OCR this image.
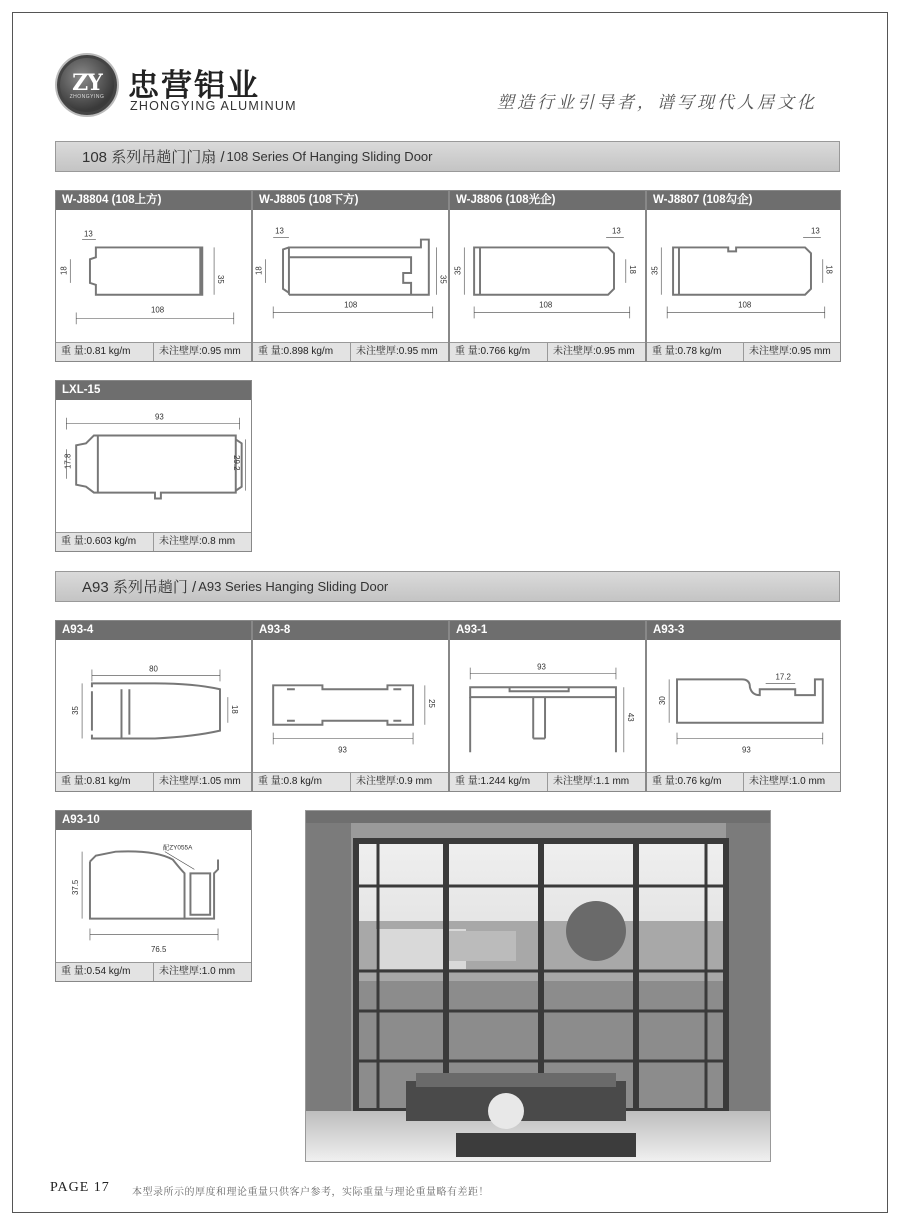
ZY
ZHONGYING 忠营铝业
ZHONGYING ALUMINUM	塑造行业引导者，谱写现代人居文化
108 系列吊趟门门扇 / 108 Series Of Hanging Sliding Door
W-J8804 (108上方)
108
35
18
13
重 量:0.81 kg/m	未注壁厚:0.95 mm
W-J8805 (108下方)
108
35
18
13
重 量:0.898 kg/m	未注壁厚:0.95 mm
W-J8806 (108光企)
108
35	18
13
重 量:0.766 kg/m	未注壁厚:0.95 mm
W-J8807 (108勾企)
108
35	18
13
重 量:0.78 kg/m	未注壁厚:0.95 mm
LXL-15
93
17.8	29.2
重 量:0.603 kg/m	未注壁厚:0.8 mm
A93 系列吊趟门 / A93 Series Hanging Sliding Door
A93-4
80
35	18
重 量:0.81 kg/m	未注壁厚:1.05 mm
A93-8
93
25
重 量:0.8 kg/m	未注壁厚:0.9 mm
A93-1
93
43
重 量:1.244 kg/m	未注壁厚:1.1 mm
A93-3
17.2
30
93
重 量:0.76 kg/m	未注壁厚:1.0 mm
A93-10
37.5
76.5
配ZY055A
重 量:0.54 kg/m	未注壁厚:1.0 mm
PAGE 17 本型录所示的厚度和理论重量只供客户参考，实际重量与理论重量略有差距！
